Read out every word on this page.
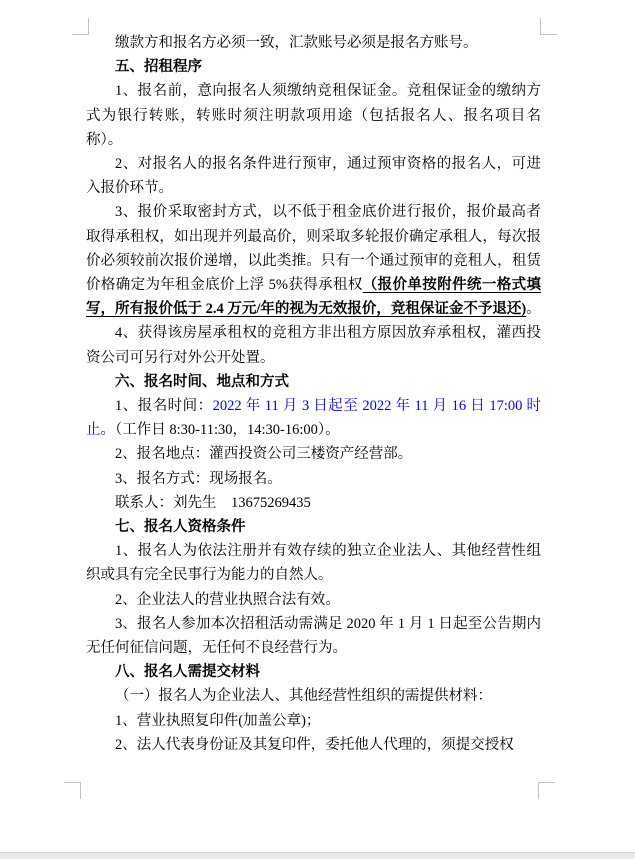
缴款方和报名方必须一致，汇款账号必须是报名方账号。

五、招租程序

1、报名前，意向报名人须缴纳竞租保证金。竞租保证金的缴纳方式为银行转账，转账时须注明款项用途（包括报名人、报名项目名称）。

2、对报名人的报名条件进行预审，通过预审资格的报名人，可进入报价环节。

3、报价采取密封方式，以不低于租金底价进行报价，报价最高者取得承租权，如出现并列最高价，则采取多轮报价确定承租人，每次报价必须较前次报价递增，以此类推。只有一个通过预审的竞租人，租赁价格确定为年租金底价上浮 5%获得承租权（报价单按附件统一格式填写，所有报价低于 2.4 万元/年的视为无效报价，竞租保证金不予退还)。

4、获得该房屋承租权的竞租方非出租方原因放弃承租权，灌西投资公司可另行对外公开处置。

六、报名时间、地点和方式

1、报名时间：2022 年 11 月 3 日起至 2022 年 11 月 16 日 17:00 时止。（工作日 8:30-11:30，14:30-16:00）。

2、报名地点：灌西投资公司三楼资产经营部。

3、报名方式：现场报名。

联系人：刘先生　13675269435

七、报名人资格条件

1、报名人为依法注册并有效存续的独立企业法人、其他经营性组织或具有完全民事行为能力的自然人。

2、企业法人的营业执照合法有效。

3、报名人参加本次招租活动需满足 2020 年 1 月 1 日起至公告期内无任何征信问题，无任何不良经营行为。

八、报名人需提交材料

（一）报名人为企业法人、其他经营性组织的需提供材料：

1、营业执照复印件(加盖公章)；

2、法人代表身份证及其复印件，委托他人代理的，须提交授权
